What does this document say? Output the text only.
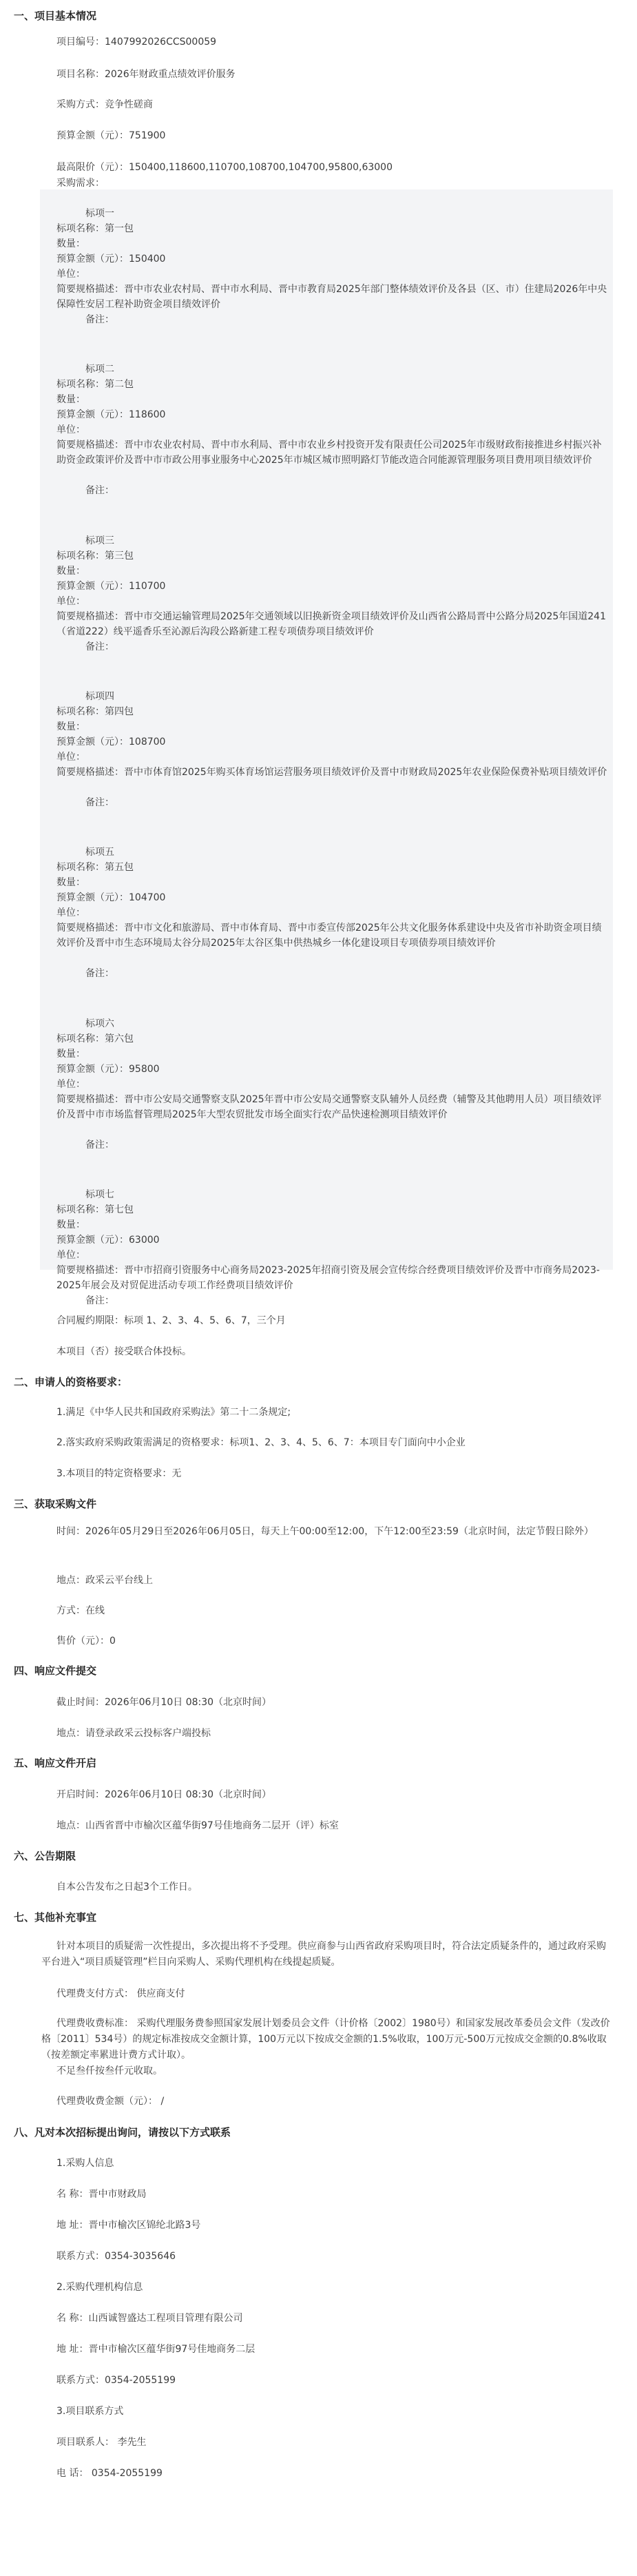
一、项目基本情况
项目编号：1407992026CCS00059
项目名称：2026年财政重点绩效评价服务
采购方式：竞争性磋商
预算金额（元）：751900
最高限价（元）：150400,118600,110700,108700,104700,95800,63000
采购需求：
标项一
标项名称：第一包
数量：
预算金额（元）：150400
单位：
简要规格描述：晋中市农业农村局、晋中市水利局、晋中市教育局2025年部门整体绩效评价及各县（区、市）住建局2026年中央保障性安居工程补助资金项目绩效评价
备注：
标项二
标项名称：第二包
数量：
预算金额（元）：118600
单位：
简要规格描述：晋中市农业农村局、晋中市水利局、晋中市农业乡村投资开发有限责任公司2025年市级财政衔接推进乡村振兴补助资金政策评价及晋中市市政公用事业服务中心2025年市城区城市照明路灯节能改造合同能源管理服务项目费用项目绩效评价
备注：
标项三
标项名称：第三包
数量：
预算金额（元）：110700
单位：
简要规格描述：晋中市交通运输管理局2025年交通领域以旧换新资金项目绩效评价及山西省公路局晋中公路分局2025年国道241（省道222）线平遥香乐至沁源后沟段公路新建工程专项债券项目绩效评价
备注：
标项四
标项名称：第四包
数量：
预算金额（元）：108700
单位：
简要规格描述：晋中市体育馆2025年购买体育场馆运营服务项目绩效评价及晋中市财政局2025年农业保险保费补贴项目绩效评价
备注：
标项五
标项名称：第五包
数量：
预算金额（元）：104700
单位：
简要规格描述：晋中市文化和旅游局、晋中市体育局、晋中市委宣传部2025年公共文化服务体系建设中央及省市补助资金项目绩效评价及晋中市生态环境局太谷分局2025年太谷区集中供热城乡一体化建设项目专项债券项目绩效评价
备注：
标项六
标项名称：第六包
数量：
预算金额（元）：95800
单位：
简要规格描述：晋中市公安局交通警察支队2025年晋中市公安局交通警察支队辅外人员经费（辅警及其他聘用人员）项目绩效评价及晋中市市场监督管理局2025年大型农贸批发市场全面实行农产品快速检测项目绩效评价
备注：
标项七
标项名称：第七包
数量：
预算金额（元）：63000
单位：
简要规格描述：晋中市招商引资服务中心商务局2023-2025年招商引资及展会宣传综合经费项目绩效评价及晋中市商务局2023-2025年展会及对贸促进活动专项工作经费项目绩效评价
备注：
合同履约期限：标项 1、2、3、4、5、6、7，三个月
本项目（否）接受联合体投标。
二、申请人的资格要求：
1.满足《中华人民共和国政府采购法》第二十二条规定;
2.落实政府采购政策需满足的资格要求：标项1、2、3、4、5、6、7：本项目专门面向中小企业
3.本项目的特定资格要求：无
三、获取采购文件
时间：2026年05月29日至2026年06月05日，每天上午00:00至12:00，下午12:00至23:59（北京时间，法定节假日除外）
地点：政采云平台线上
方式：在线
售价（元）：0
四、响应文件提交
截止时间：2026年06月10日 08:30（北京时间）
地点：请登录政采云投标客户端投标
五、响应文件开启
开启时间：2026年06月10日 08:30（北京时间）
地点：山西省晋中市榆次区蕴华街97号佳地商务二层开（评）标室
六、公告期限
自本公告发布之日起3个工作日。
七、其他补充事宜
针对本项目的质疑需一次性提出，多次提出将不予受理。供应商参与山西省政府采购项目时，符合法定质疑条件的，通过政府采购平台进入“项目质疑管理”栏目向采购人、采购代理机构在线提起质疑。
代理费支付方式： 供应商支付
代理费收费标准： 采购代理服务费参照国家发展计划委员会文件（计价格〔2002〕1980号）和国家发展改革委员会文件（发改价格〔2011〕534号）的规定标准按成交金额计算，100万元以下按成交金额的1.5%收取，100万元-500万元按成交金额的0.8%收取（按差额定率累进计费方式计取）。
不足叁仟按叁仟元收取。
代理费收费金额（元）： /
八、凡对本次招标提出询问，请按以下方式联系
1.采购人信息
名 称：晋中市财政局
地 址：晋中市榆次区锦纶北路3号
联系方式：0354-3035646
2.采购代理机构信息
名 称：山西诚智盛达工程项目管理有限公司
地 址：晋中市榆次区蕴华街97号佳地商务二层
联系方式：0354-2055199
3.项目联系方式
项目联系人： 李先生
电 话： 0354-2055199
